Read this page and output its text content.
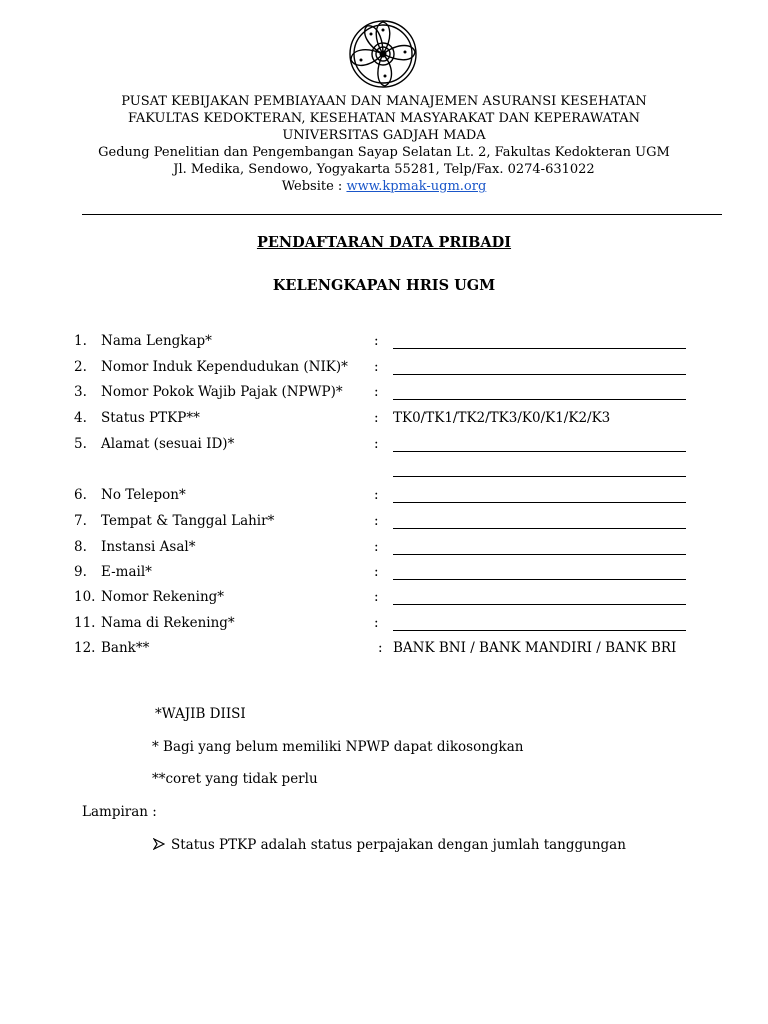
PUSAT KEBIJAKAN PEMBIAYAAN DAN MANAJEMEN ASURANSI KESEHATAN
FAKULTAS KEDOKTERAN, KESEHATAN MASYARAKAT DAN KEPERAWATAN
UNIVERSITAS GADJAH MADA
Gedung Penelitian dan Pengembangan Sayap Selatan Lt. 2, Fakultas Kedokteran UGM
Jl. Medika, Sendowo, Yogyakarta 55281, Telp/Fax. 0274-631022
Website : www.kpmak-ugm.org
PENDAFTARAN DATA PRIBADI
KELENGKAPAN HRIS UGM
1.	Nama Lengkap*	:
2.	Nomor Induk Kependudukan (NIK)* :
3.	Nomor Pokok Wajib Pajak (NPWP)* :
4.	Status PTKP**	: TK0/TK1/TK2/TK3/K0/K1/K2/K3
5.	Alamat (sesuai ID)*	:
6.	No Telepon*	:
7.	Tempat & Tanggal Lahir*	:
8.	Instansi Asal*	:
9.	E-mail*	:
10. Nomor Rekening*	:
11. Nama di Rekening*	:
12. Bank**	: BANK BNI / BANK MANDIRI / BANK BRI
*WAJIB DIISI
* Bagi yang belum memiliki NPWP dapat dikosongkan
**coret yang tidak perlu
Lampiran :
Status PTKP adalah status perpajakan dengan jumlah tanggungan
